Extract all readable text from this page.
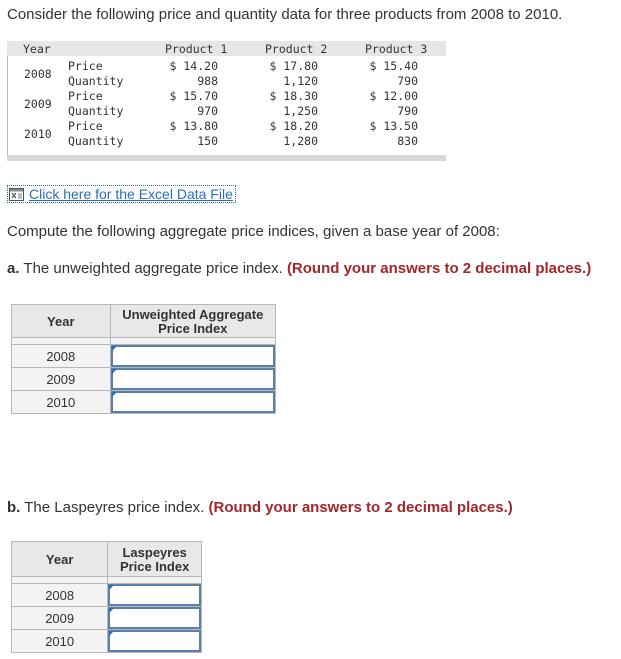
Consider the following price and quantity data for three products from 2008 to 2010.
Year	Product 1	Product 2	Product 3
2008
Price	$ 14.20	$ 17.80	$ 15.40
Quantity	988	1,120	790
2009
Price	$ 15.70	$ 18.30	$ 12.00
Quantity	970	1,250	790
2010
Price	$ 13.80	$ 18.20	$ 13.50
Quantity	150	1,280	830
Click here for the Excel Data File
Compute the following aggregate price indices, given a base year of 2008:
a. The unweighted aggregate price index. (Round your answers to 2 decimal places.)
Year	Unweighted Aggregate
Price Index

2008	

2009	

2010	
b. The Laspeyres price index. (Round your answers to 2 decimal places.)
Year	Laspeyres
Price Index

2008	

2009	

2010	
